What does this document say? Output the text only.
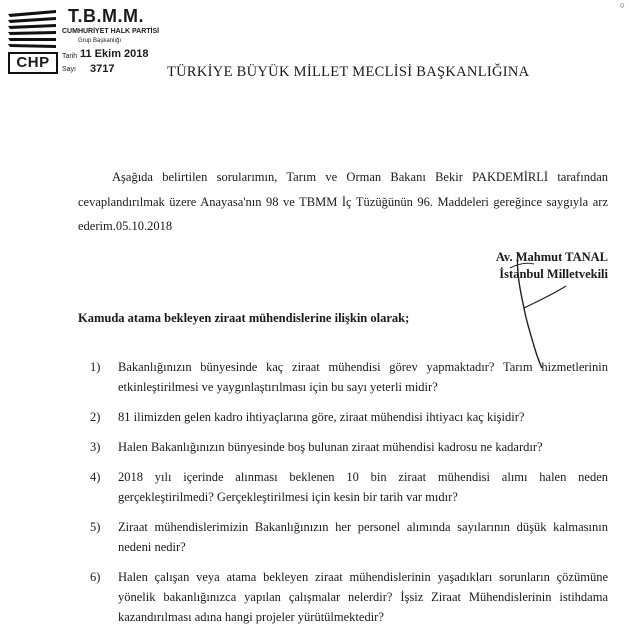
CHP
T.B.M.M.
CUMHURİYET HALK PARTİSİ
Grup Başkanlığı
Tarih 11 Ekim 2018
Sayı 3717
○
TÜRKİYE BÜYÜK MİLLET MECLİSİ BAŞKANLIĞINA
Aşağıda belirtilen sorularımın, Tarım ve Orman Bakanı Bekir PAKDEMİRLİ tarafından cevaplandırılmak üzere Anayasa'nın 98 ve TBMM İç Tüzüğünün 96. Maddeleri gereğince saygıyla arz ederim.05.10.2018
Av. Mahmut TANAL
İstanbul Milletvekili
Kamuda atama bekleyen ziraat mühendislerine ilişkin olarak;
1) Bakanlığınızın bünyesinde kaç ziraat mühendisi görev yapmaktadır? Tarım hizmetlerinin etkinleştirilmesi ve yaygınlaştırılması için bu sayı yeterli midir?
2) 81 ilimizden gelen kadro ihtiyaçlarına göre, ziraat mühendisi ihtiyacı kaç kişidir?
3) Halen Bakanlığınızın bünyesinde boş bulunan ziraat mühendisi kadrosu ne kadardır?
4) 2018 yılı içerinde alınması beklenen 10 bin ziraat mühendisi alımı halen neden gerçekleştirilmedi? Gerçekleştirilmesi için kesin bir tarih var mıdır?
5) Ziraat mühendislerimizin Bakanlığınızın her personel alımında sayılarının düşük kalmasının nedeni nedir?
6) Halen çalışan veya atama bekleyen ziraat mühendislerinin yaşadıkları sorunların çözümüne yönelik bakanlığınızca yapılan çalışmalar nelerdir? İşsiz Ziraat Mühendislerinin istihdama kazandırılması adına hangi projeler yürütülmektedir?
